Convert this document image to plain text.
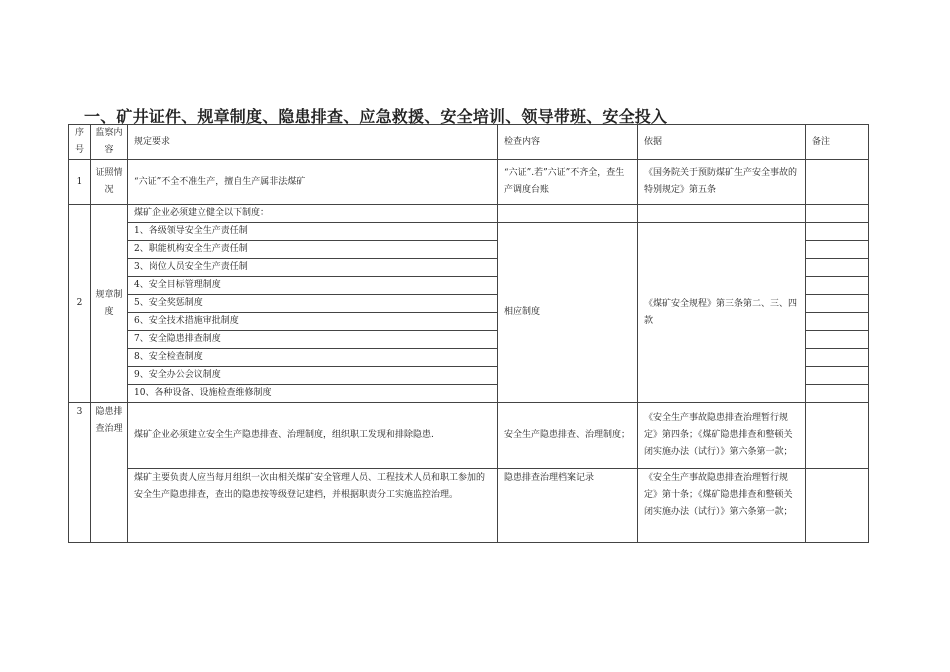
一、矿井证件、规章制度、隐患排查、应急救援、安全培训、领导带班、安全投入
序号	监察内容	规定要求	检查内容	依据	备注
1	证照情况	“六证”不全不准生产，擅自生产属非法煤矿	“六证”.若”六证”不齐全，查生产调度台账	《国务院关于预防煤矿生产安全事故的特别规定》第五条	
2	规章制度	煤矿企业必须建立健全以下制度：			
		1、各级领导安全生产责任制	相应制度	《煤矿安全规程》第三条第二、三、四款	
		2、职能机构安全生产责任制			
		3、岗位人员安全生产责任制			
		4、安全目标管理制度			
		5、安全奖惩制度			
		6、安全技术措施审批制度			
		7、安全隐患排查制度			
		8、安全检查制度			
		9、安全办公会议制度			
		10、各种设备、设施检查维修制度			
3	隐患排查治理	煤矿企业必须建立安全生产隐患排查、治理制度，组织职工发现和排除隐患.	安全生产隐患排查、治理制度；	《安全生产事故隐患排查治理暂行规定》第四条；《煤矿隐患排查和整顿关闭实施办法（试行）》第六条第一款；	
		煤矿主要负责人应当每月组织一次由相关煤矿安全管理人员、工程技术人员和职工参加的安全生产隐患排查，查出的隐患按等级登记建档，并根据职责分工实施监控治理。	隐患排查治理档案记录	《安全生产事故隐患排查治理暂行规定》第十条；《煤矿隐患排查和整顿关闭实施办法（试行）》第六条第一款；	
